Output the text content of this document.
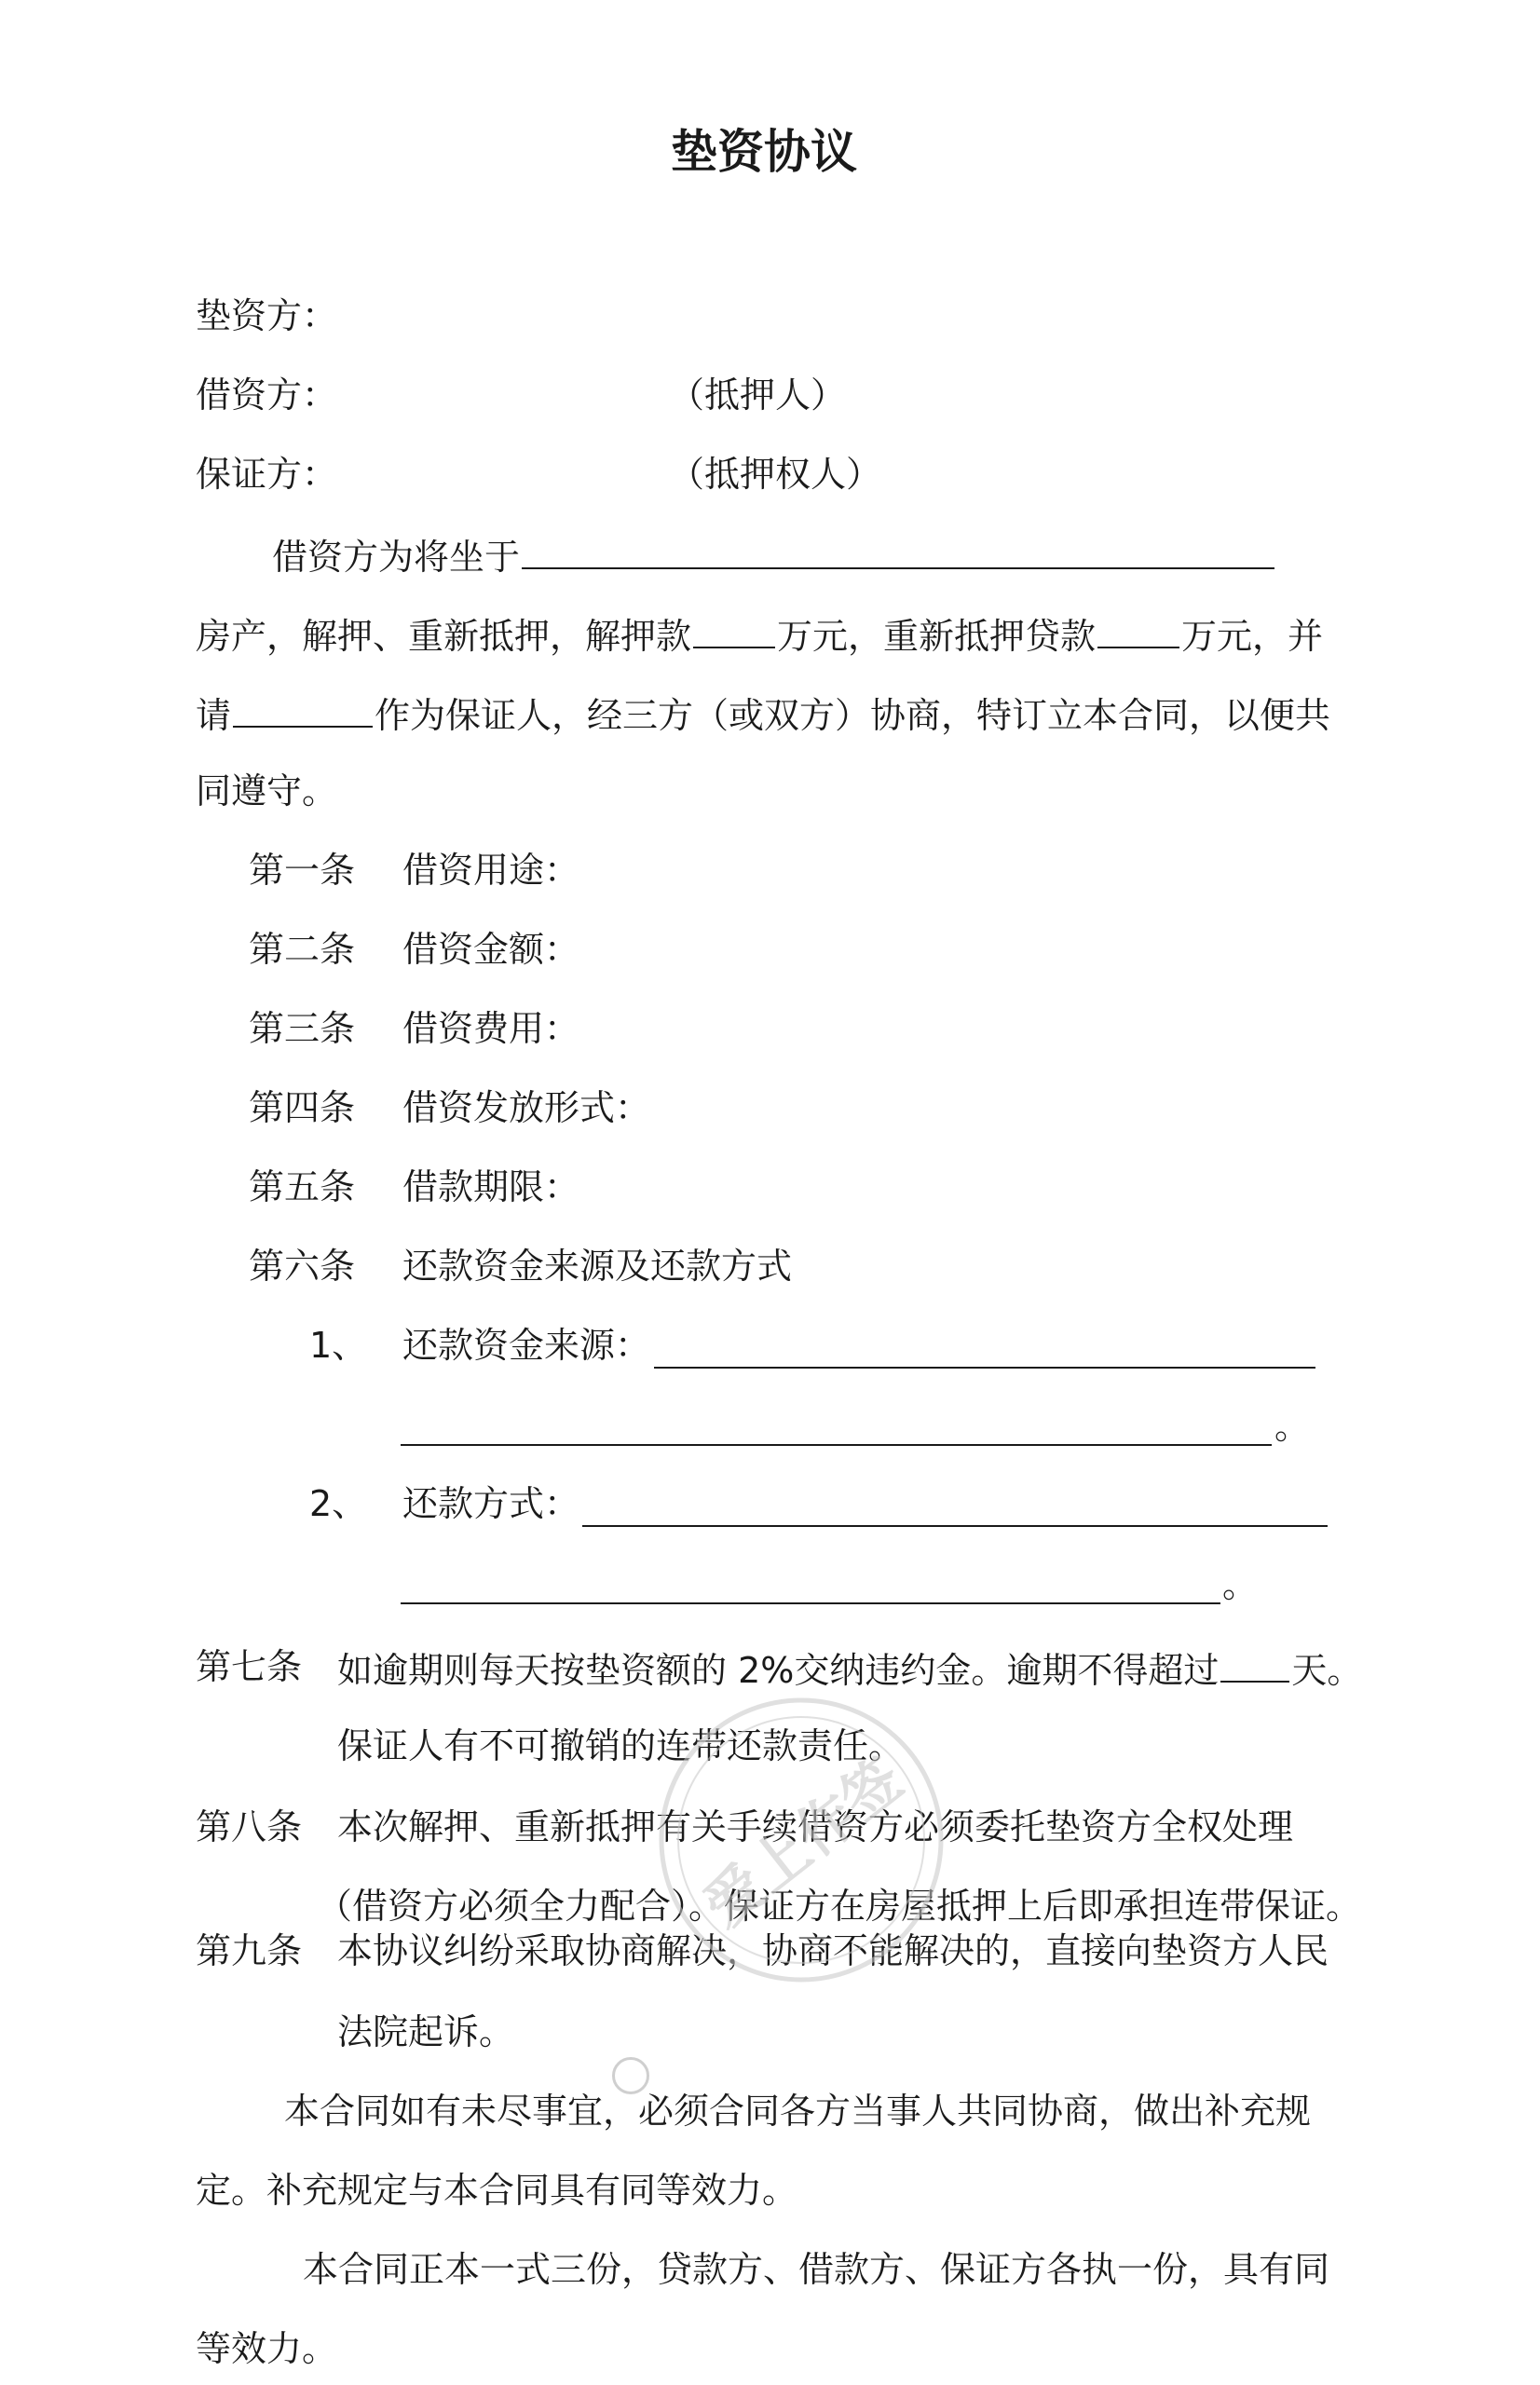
垫资协议
垫资方：
借资方：	（抵押人）
保证方：	（抵押权人）
借资方为将坐于
房产，解押、重新抵押，解押款 万元，重新抵押贷款 万元，并
请	作为保证人，经三方（或双方）协商，特订立本合同，以便共
同遵守。
第一条 借资用途：
第二条 借资金额：
第三条 借资费用：
第四条 借资发放形式：
第五条 借款期限：
第六条 还款资金来源及还款方式
1、 还款资金来源：
。
2、 还款方式：
。
第七条 如逾期则每天按垫资额的 2%交纳违约金。逾期不得超过 天。
保证人有不可撤销的连带还款责任。
第八条 本次解押、重新抵押有关手续借资方必须委托垫资方全权处理
（借资方必须全力配合）。保证方在房屋抵押上后即承担连带保证。
第九条 本协议纠纷采取协商解决，协商不能解决的，直接向垫资方人民
法院起诉。
本合同如有未尽事宜，必须合同各方当事人共同协商，做出补充规
定。补充规定与本合同具有同等效力。
本合同正本一式三份，贷款方、借款方、保证方各执一份，具有同
等效力。
爱上作签
